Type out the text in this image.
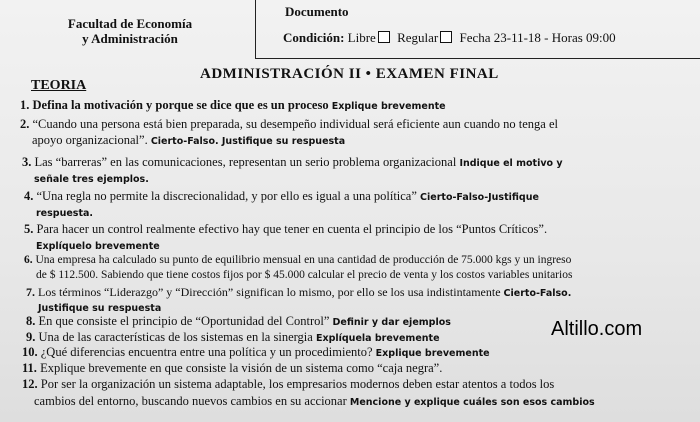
Facultad de Economía
y Administración
Documento
Condición: Libre Regular Fecha 23-11-18 - Horas 09:00
ADMINISTRACIÓN II • EXAMEN FINAL
TEORIA
1. Defina la motivación y porque se dice que es un proceso Explique brevemente
2. “Cuando una persona está bien preparada, su desempeño individual será eficiente aun cuando no tenga el
apoyo organizacional”. Cierto-Falso. Justifique su respuesta
3. Las “barreras” en las comunicaciones, representan un serio problema organizacional Indique el motivo y
señale tres ejemplos.
4. “Una regla no permite la discrecionalidad, y por ello es igual a una política” Cierto-Falso-Justifique
respuesta.
5. Para hacer un control realmente efectivo hay que tener en cuenta el principio de los “Puntos Críticos”.
Explíquelo brevemente
6. Una empresa ha calculado su punto de equilibrio mensual en una cantidad de producción de 75.000 kgs y un ingreso
de $ 112.500. Sabiendo que tiene costos fijos por $ 45.000 calcular el precio de venta y los costos variables unitarios
7. Los términos “Liderazgo” y “Dirección” significan lo mismo, por ello se los usa indistintamente Cierto-Falso.
Justifique su respuesta
8. En que consiste el principio de “Oportunidad del Control” Definir y dar ejemplos
9. Una de las características de los sistemas en la sinergia Explíquela brevemente
10. ¿Qué diferencias encuentra entre una política y un procedimiento? Explique brevemente
11. Explique brevemente en que consiste la visión de un sistema como “caja negra”.
12. Por ser la organización un sistema adaptable, los empresarios modernos deben estar atentos a todos los
cambios del entorno, buscando nuevos cambios en su accionar Mencione y explique cuáles son esos cambios
Altillo.com
